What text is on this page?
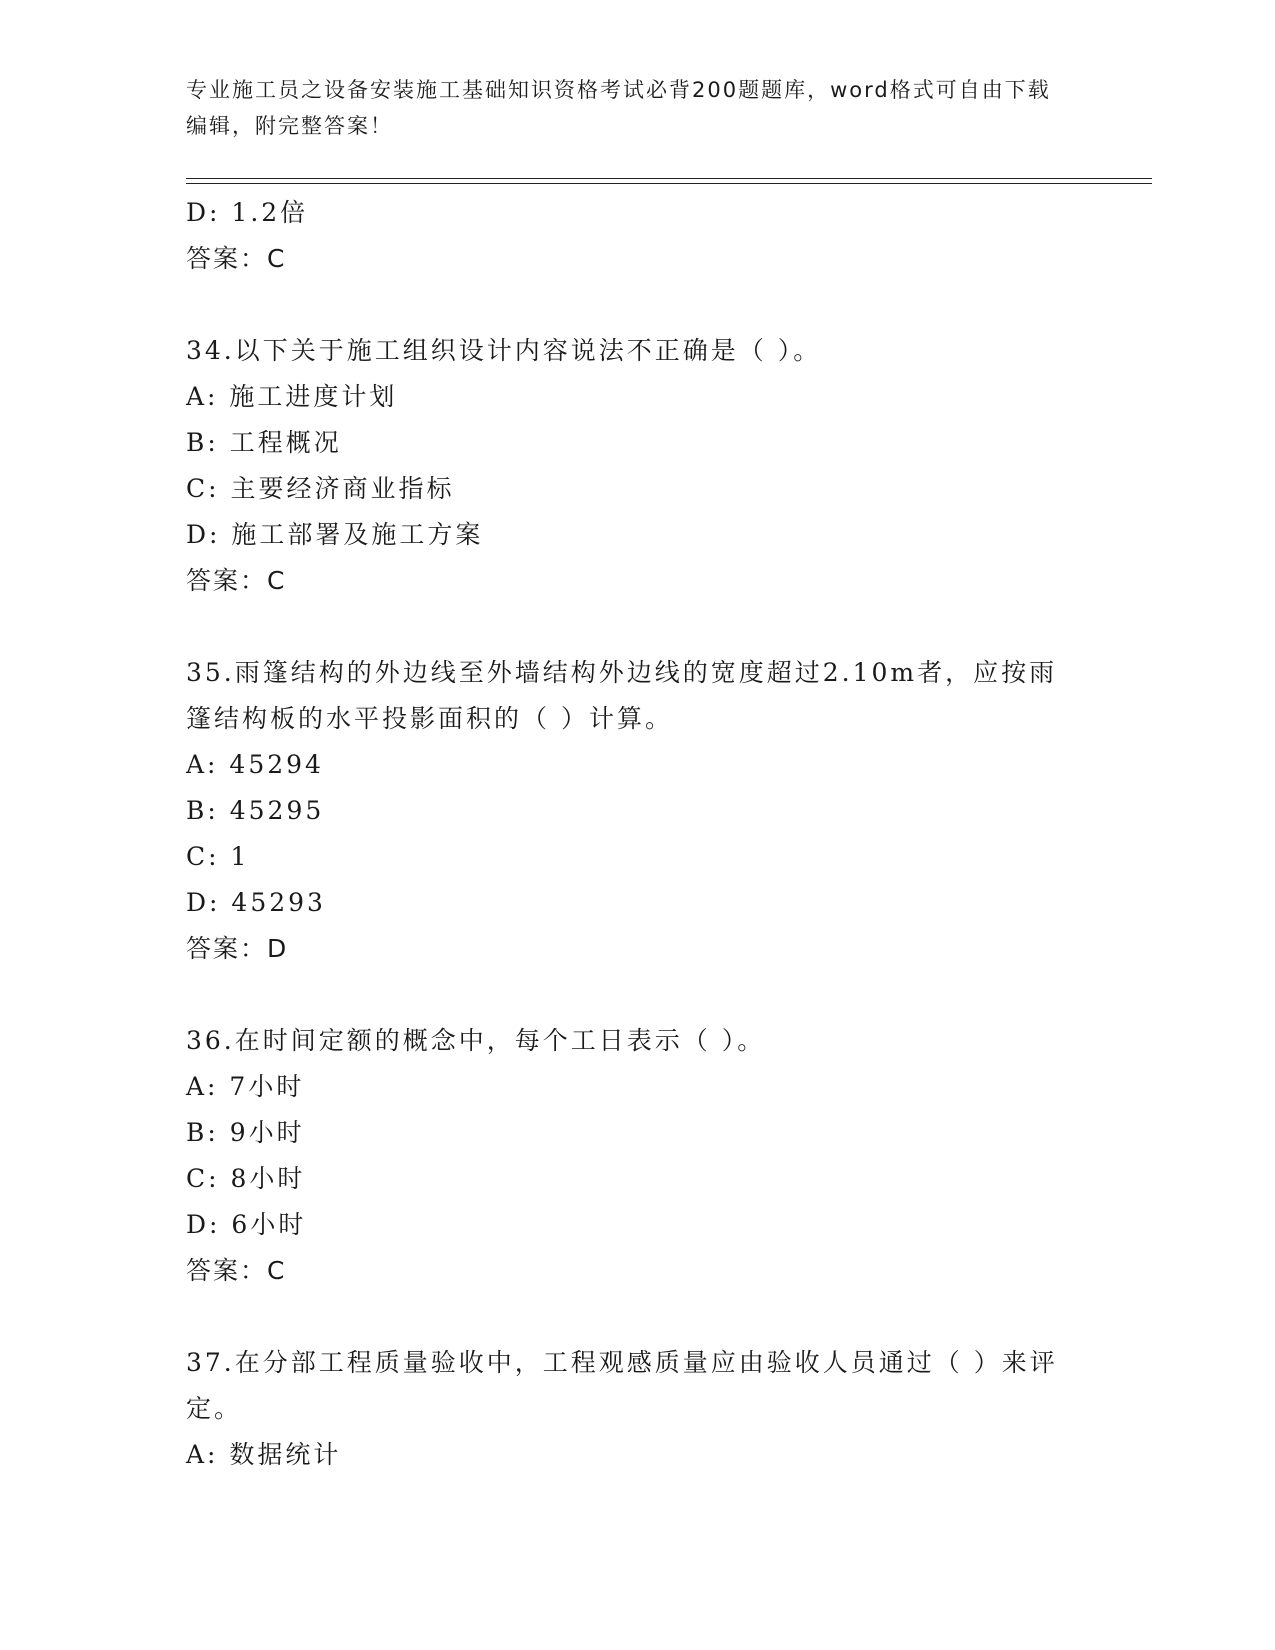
专业施工员之设备安装施工基础知识资格考试必背200题题库，word格式可自由下载编辑，附完整答案！
D: 1.2倍
答案：C
34.以下关于施工组织设计内容说法不正确是（ ）。
A: 施工进度计划
B: 工程概况
C: 主要经济商业指标
D: 施工部署及施工方案
答案：C
35.雨篷结构的外边线至外墙结构外边线的宽度超过2.10m者，应按雨篷结构板的水平投影面积的（ ）计算。
A: 45294
B: 45295
C: 1
D: 45293
答案：D
36.在时间定额的概念中，每个工日表示（ ）。
A: 7小时
B: 9小时
C: 8小时
D: 6小时
答案：C
37.在分部工程质量验收中，工程观感质量应由验收人员通过（ ）来评定。
A: 数据统计
